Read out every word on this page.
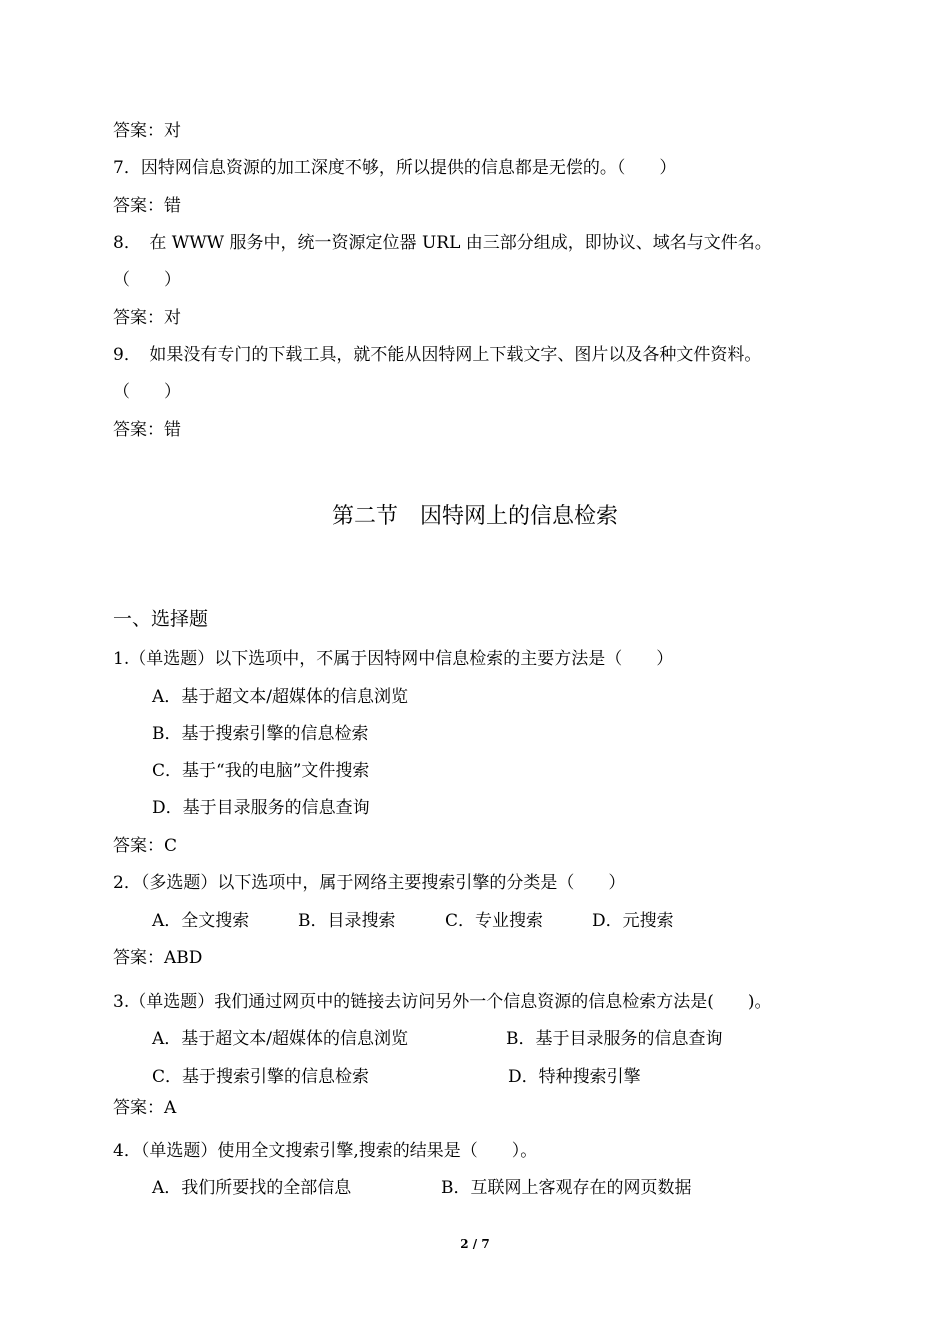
答案：对
7．因特网信息资源的加工深度不够，所以提供的信息都是无偿的。（　　）
答案：错
8．　在 WWW 服务中，统一资源定位器 URL 由三部分组成，即协议、域名与文件名。
（　　）
答案：对
9．　如果没有专门的下载工具，就不能从因特网上下载文字、图片以及各种文件资料。
（　　）
答案：错
第二节　因特网上的信息检索
一、选择题
1.（单选题）以下选项中，不属于因特网中信息检索的主要方法是（　　）
A．基于超文本/超媒体的信息浏览
B．基于搜索引擎的信息检索
C．基于“我的电脑”文件搜索
D．基于目录服务的信息查询
答案：C
2．（多选题）以下选项中，属于网络主要搜索引擎的分类是（　　）
A．全文搜索	B．目录搜索	C．专业搜索	D．元搜索
答案：ABD
3.（单选题）我们通过网页中的链接去访问另外一个信息资源的信息检索方法是(　　)。
A．基于超文本/超媒体的信息浏览	B．基于目录服务的信息查询
C．基于搜索引擎的信息检索	D．特种搜索引擎
答案：A
4．（单选题）使用全文搜索引擎,搜索的结果是（　　）。
A．我们所要找的全部信息	B．互联网上客观存在的网页数据
2 / 7
